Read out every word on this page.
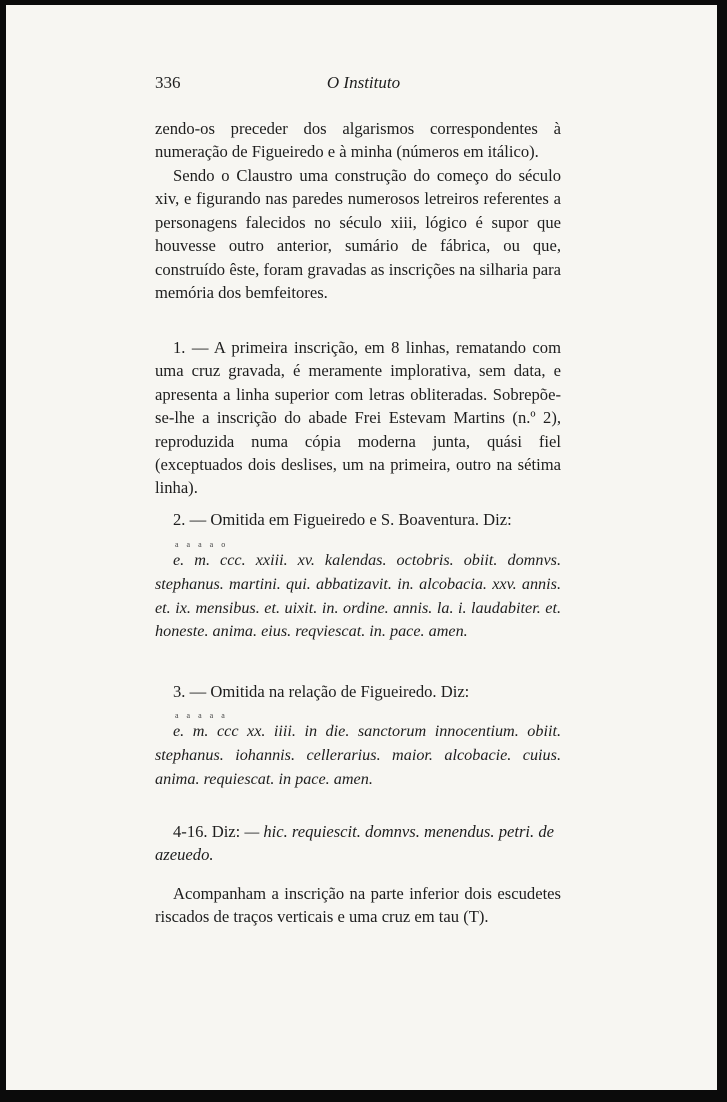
336	O Instituto

zendo-os preceder dos algarismos correspondentes à numeração de Figueiredo e à minha (números em itálico).

Sendo o Claustro uma construção do começo do século xiv, e figurando nas paredes numerosos letreiros referentes a personagens falecidos no século xiii, lógico é supor que houvesse outro anterior, sumário de fábrica, ou que, construído êste, foram gravadas as inscrições na silharia para memória dos bemfeitores.

1. — A primeira inscrição, em 8 linhas, rematando com uma cruz gravada, é meramente implorativa, sem data, e apresenta a linha superior com letras obliteradas. Sobrepõe-se-lhe a inscrição do abade Frei Estevam Martins (n.º 2), reproduzida numa cópia moderna junta, quási fiel (exceptuados dois deslises, um na primeira, outro na sétima linha).

2. — Omitida em Figueiredo e S. Boaventura. Diz:

a a a a o

e. m. ccc. xxiii. xv. kalendas. octobris. obiit. domnvs. stephanus. martini. qui. abbatizavit. in. alcobacia. xxv. annis. et. ix. mensibus. et. uixit. in. ordine. annis. la. i. laudabiter. et. honeste. anima. eius. reqviescat. in. pace. amen.

3. — Omitida na relação de Figueiredo. Diz:

a a a a a

e. m. ccc xx. iiii. in die. sanctorum innocentium. obiit. stephanus. iohannis. cellerarius. maior. alcobacie. cuius. anima. requiescat. in pace. amen.

4-16. Diz: — hic. requiescit. domnvs. menendus. petri. de azeuedo.

Acompanham a inscrição na parte inferior dois escudetes riscados de traços verticais e uma cruz em tau (T).
